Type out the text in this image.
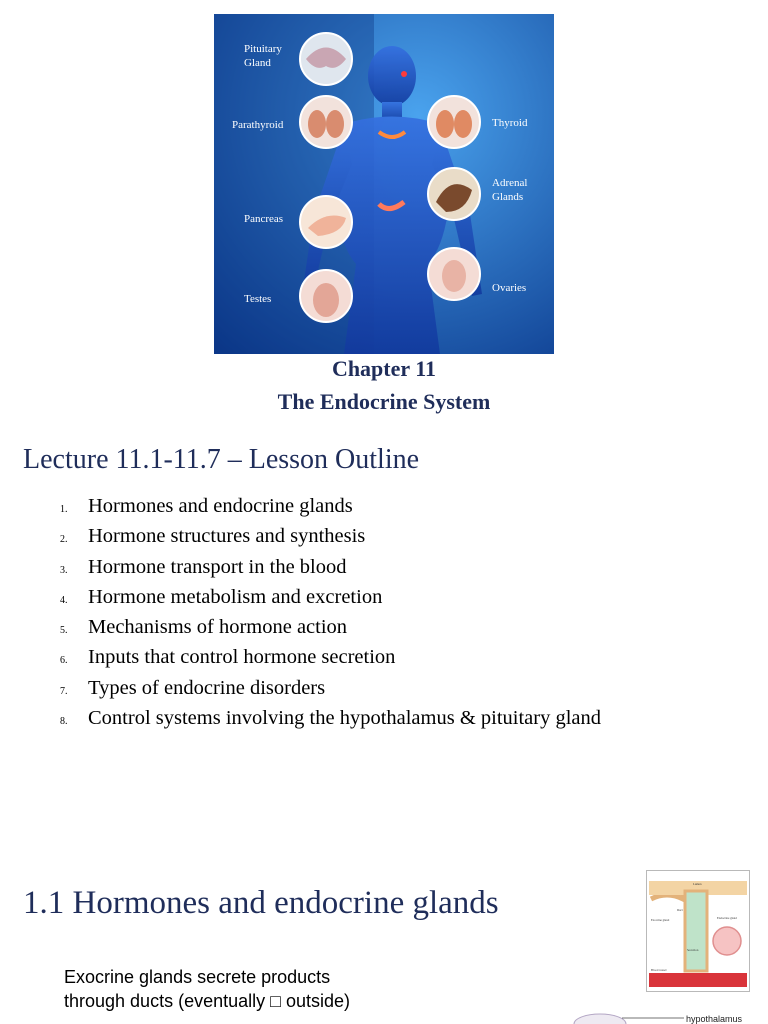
Pituitary
Gland
Parathyroid
Pancreas
Testes
Thyroid
Adrenal
Glands
Ovaries
Chapter 11
The Endocrine System
Lecture 11.1-11.7 – Lesson Outline
1.	Hormones and endocrine glands
2.	Hormone structures and synthesis
3.	Hormone transport in the blood
4.	Hormone metabolism and excretion
5.	Mechanisms of hormone action
6.	Inputs that control hormone secretion
7.	Types of endocrine disorders
8.	Control systems involving the hypothalamus & pituitary gland
1.1 Hormones and endocrine glands
Exocrine glands secrete products
through ducts (eventually □ outside)
Lumen
Exocrine gland	Endocrine gland
Duct
Secretion
Blood vessel
hypothalamus
